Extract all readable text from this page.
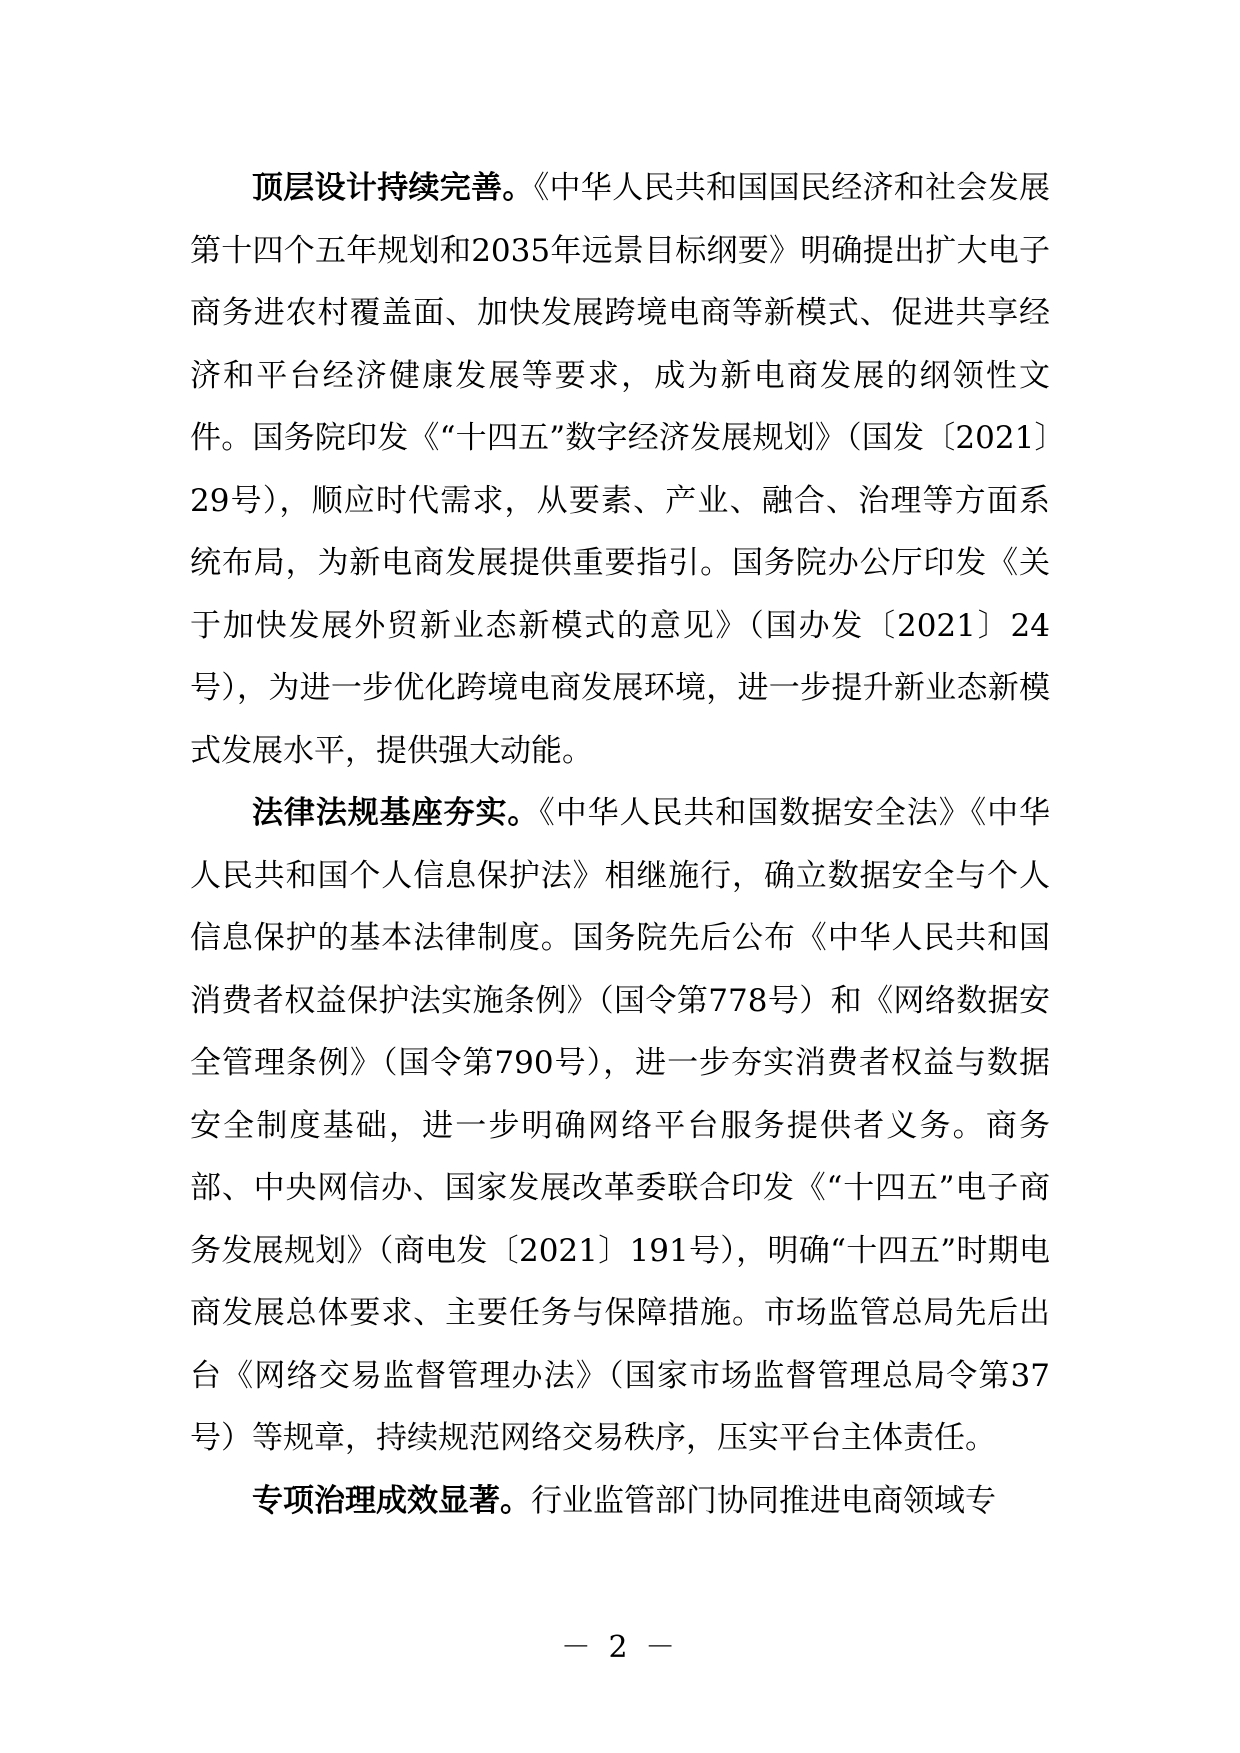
顶层设计持续完善。《中华人民共和国国民经济和社会发展第十四个五年规划和2035年远景目标纲要》明确提出扩大电子商务进农村覆盖面、加快发展跨境电商等新模式、促进共享经济和平台经济健康发展等要求，成为新电商发展的纲领性文件。国务院印发《“十四五”数字经济发展规划》（国发〔2021〕29号），顺应时代需求，从要素、产业、融合、治理等方面系统布局，为新电商发展提供重要指引。国务院办公厅印发《关于加快发展外贸新业态新模式的意见》（国办发〔2021〕24号），为进一步优化跨境电商发展环境，进一步提升新业态新模式发展水平，提供强大动能。

法律法规基座夯实。《中华人民共和国数据安全法》《中华人民共和国个人信息保护法》相继施行，确立数据安全与个人信息保护的基本法律制度。国务院先后公布《中华人民共和国消费者权益保护法实施条例》（国令第778号）和《网络数据安全管理条例》（国令第790号），进一步夯实消费者权益与数据安全制度基础，进一步明确网络平台服务提供者义务。商务部、中央网信办、国家发展改革委联合印发《“十四五”电子商务发展规划》（商电发〔2021〕191号），明确“十四五”时期电商发展总体要求、主要任务与保障措施。市场监管总局先后出台《网络交易监督管理办法》（国家市场监督管理总局令第37号）等规章，持续规范网络交易秩序，压实平台主体责任。

专项治理成效显著。行业监管部门协同推进电商领域专

－ 2 －
